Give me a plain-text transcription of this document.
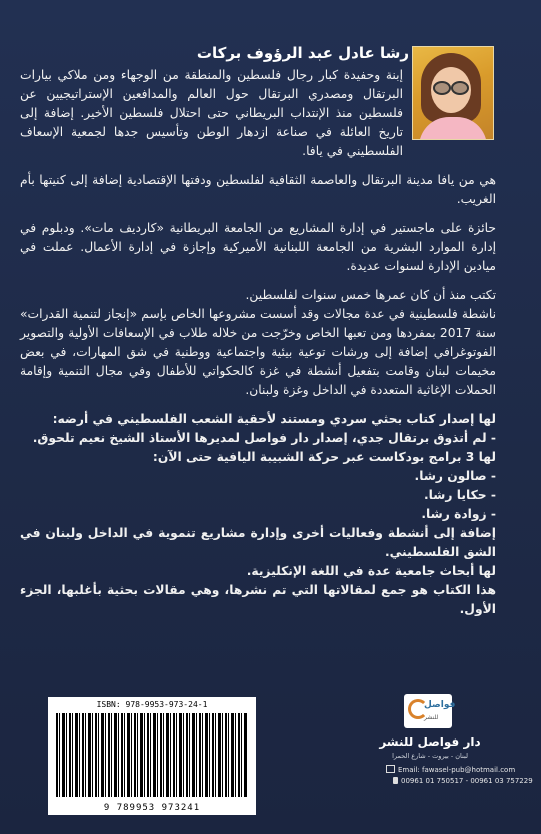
رشا عادل عبد الرؤوف بركات

إبنة وحفيدة كبار رجال فلسطين والمنطقة من الوجهاء ومن ملاكي بيارات البرتقال ومصدري البرتقال حول العالم والمدافعين الإستراتيجيين عن فلسطين منذ الإنتداب البريطاني حتى احتلال فلسطين الأخير. إضافة إلى تاريخ العائلة في صناعة ازدهار الوطن وتأسيس جدها لجمعية الإسعاف الفلسطيني في يافا.

هي من يافا مدينة البرتقال والعاصمة الثقافية لفلسطين ودفتها الإقتصادية إضافة إلى كنيتها بأم الغريب.

حائزة على ماجستير في إدارة المشاريع من الجامعة البريطانية «كارديف مات». ودبلوم في إدارة الموارد البشرية من الجامعة اللبنانية الأميركية وإجازة في إدارة الأعمال. عملت في ميادين الإدارة لسنوات عديدة.

تكتب منذ أن كان عمرها خمس سنوات لفلسطين.

ناشطة فلسطينية في عدة مجالات وقد أسست مشروعها الخاص بإسم «إنجاز لتنمية القدرات» سنة 2017 بمفردها ومن تعبها الخاص وخرّجت من خلاله طلاب في الإسعافات الأولية والتصوير الفوتوغرافي إضافة إلى ورشات توعية بيئية واجتماعية ووطنية في شق المهارات، في بعض مخيمات لبنان وقامت بتفعيل أنشطة في غزة كالحكواتي للأطفال وفي مجال التنمية وإقامة الحملات الإغاثية المتعددة في الداخل وغزة ولبنان.

لها إصدار كتاب بحثي سردي ومستند لأحقية الشعب الفلسطيني في أرضه:

- لم أتذوق برتقال جدي، إصدار دار فواصل لمديرها الأستاذ الشيخ نعيم تلحوق.

لها 3 برامج بودكاست عبر حركة الشبيبة اليافية حتى الآن:

- صالون رشا.

- حكايا رشا.

- زوادة رشا.

إضافة إلى أنشطة وفعاليات أخرى وإدارة مشاريع تنموية في الداخل ولبنان في الشق الفلسطيني.

لها أبحاث جامعية عدة في اللغة الإنكليزية.

هذا الكتاب هو جمع لمقالاتها التي تم نشرها، وهي مقالات بحثية بأغلبها، الجزء الأول.

ISBN: 978-9953-973-24-1
9 789953 973241
فواصل
للنشر
دار فواصل للنشر
لبنان - بيروت - شارع الحمرا
Email: fawasel-pub@hotmail.com
00961 01 750517 - 00961 03 757229
